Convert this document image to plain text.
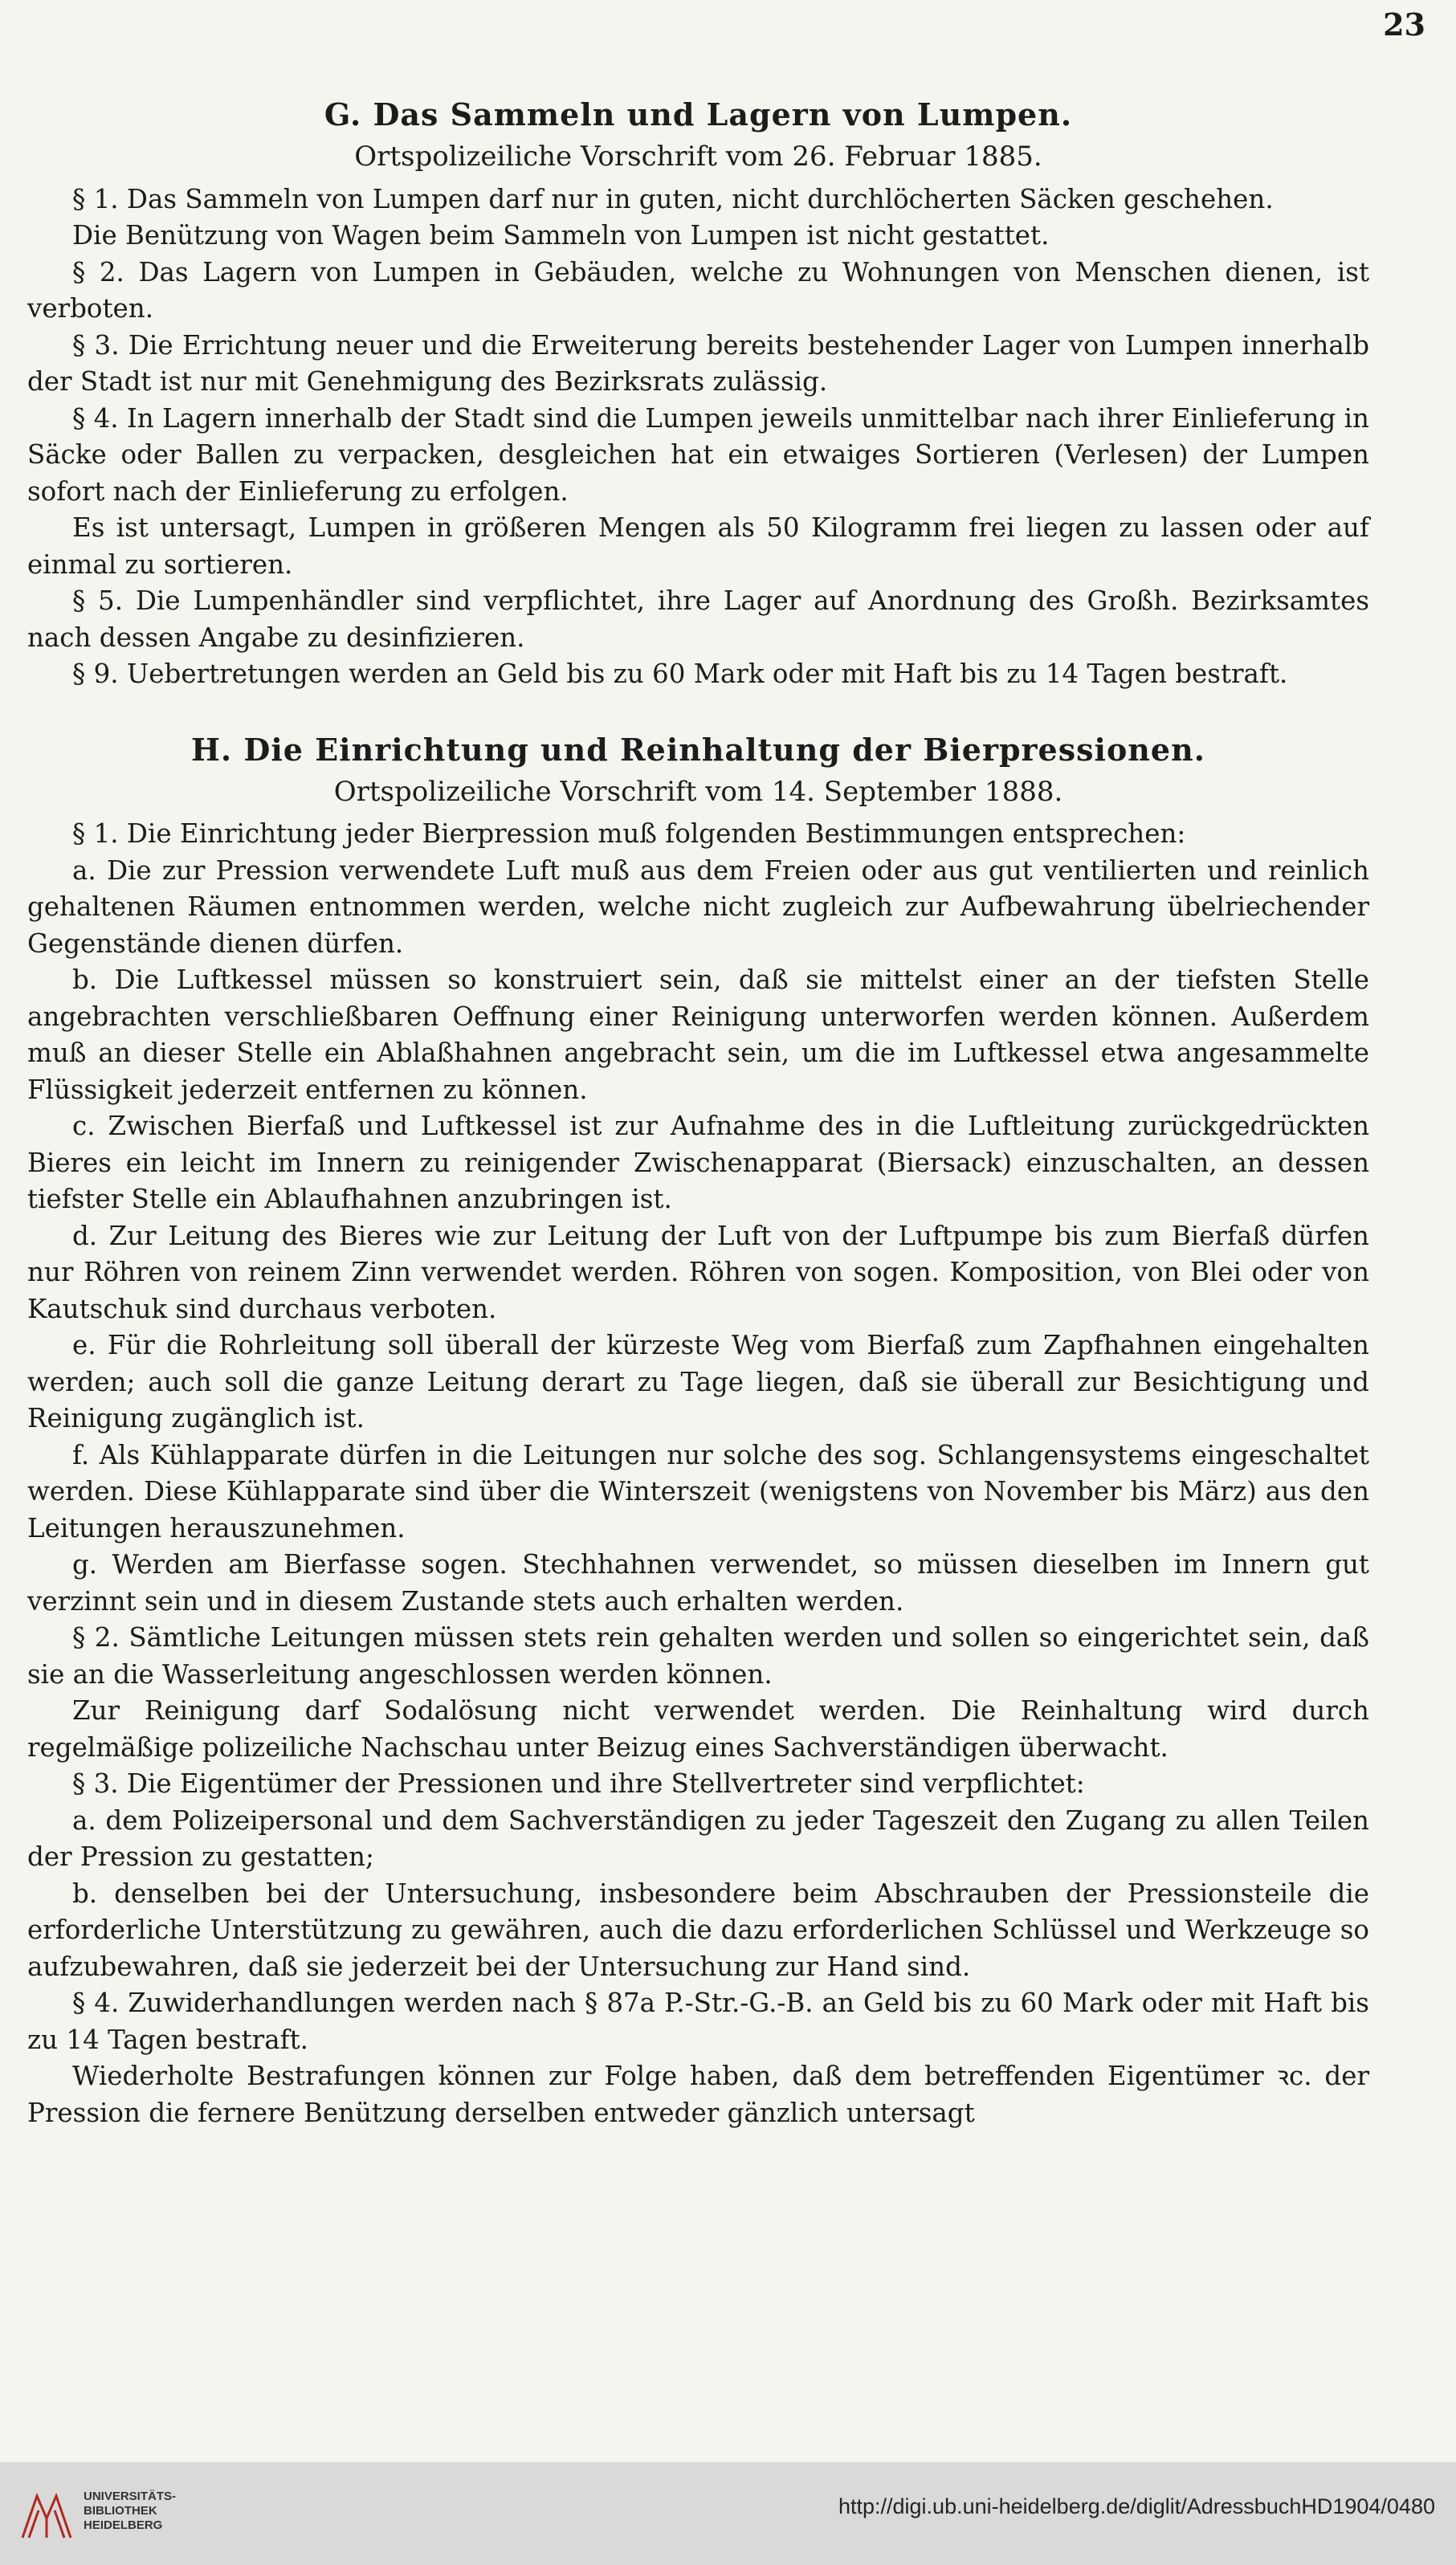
23
G. Das Sammeln und Lagern von Lumpen.
Ortspolizeiliche Vorschrift vom 26. Februar 1885.

§ 1. Das Sammeln von Lumpen darf nur in guten, nicht durchlöcherten Säcken geschehen.

Die Benützung von Wagen beim Sammeln von Lumpen ist nicht gestattet.

§ 2. Das Lagern von Lumpen in Gebäuden, welche zu Wohnungen von Menschen dienen, ist verboten.

§ 3. Die Errichtung neuer und die Erweiterung bereits bestehender Lager von Lumpen innerhalb der Stadt ist nur mit Genehmigung des Bezirksrats zulässig.

§ 4. In Lagern innerhalb der Stadt sind die Lumpen jeweils unmittelbar nach ihrer Einlieferung in Säcke oder Ballen zu verpacken, desgleichen hat ein etwaiges Sortieren (Verlesen) der Lumpen sofort nach der Einlieferung zu erfolgen.

Es ist untersagt, Lumpen in größeren Mengen als 50 Kilogramm frei liegen zu lassen oder auf einmal zu sortieren.

§ 5. Die Lumpenhändler sind verpflichtet, ihre Lager auf Anordnung des Großh. Bezirksamtes nach dessen Angabe zu desinfizieren.

§ 9. Uebertretungen werden an Geld bis zu 60 Mark oder mit Haft bis zu 14 Tagen bestraft.

H. Die Einrichtung und Reinhaltung der Bierpressionen.
Ortspolizeiliche Vorschrift vom 14. September 1888.

§ 1. Die Einrichtung jeder Bierpression muß folgenden Bestimmungen entsprechen:

a. Die zur Pression verwendete Luft muß aus dem Freien oder aus gut ventilierten und reinlich gehaltenen Räumen entnommen werden, welche nicht zugleich zur Aufbewahrung übelriechender Gegenstände dienen dürfen.

b. Die Luftkessel müssen so konstruiert sein, daß sie mittelst einer an der tiefsten Stelle angebrachten verschließbaren Oeffnung einer Reinigung unterworfen werden können. Außerdem muß an dieser Stelle ein Ablaßhahnen angebracht sein, um die im Luftkessel etwa angesammelte Flüssigkeit jederzeit entfernen zu können.

c. Zwischen Bierfaß und Luftkessel ist zur Aufnahme des in die Luftleitung zurückgedrückten Bieres ein leicht im Innern zu reinigender Zwischenapparat (Biersack) einzuschalten, an dessen tiefster Stelle ein Ablaufhahnen anzubringen ist.

d. Zur Leitung des Bieres wie zur Leitung der Luft von der Luftpumpe bis zum Bierfaß dürfen nur Röhren von reinem Zinn verwendet werden. Röhren von sogen. Komposition, von Blei oder von Kautschuk sind durchaus verboten.

e. Für die Rohrleitung soll überall der kürzeste Weg vom Bierfaß zum Zapfhahnen eingehalten werden; auch soll die ganze Leitung derart zu Tage liegen, daß sie überall zur Besichtigung und Reinigung zugänglich ist.

f. Als Kühlapparate dürfen in die Leitungen nur solche des sog. Schlangensystems eingeschaltet werden. Diese Kühlapparate sind über die Winterszeit (wenigstens von November bis März) aus den Leitungen herauszunehmen.

g. Werden am Bierfasse sogen. Stechhahnen verwendet, so müssen dieselben im Innern gut verzinnt sein und in diesem Zustande stets auch erhalten werden.

§ 2. Sämtliche Leitungen müssen stets rein gehalten werden und sollen so eingerichtet sein, daß sie an die Wasserleitung angeschlossen werden können.

Zur Reinigung darf Sodalösung nicht verwendet werden. Die Reinhaltung wird durch regelmäßige polizeiliche Nachschau unter Beizug eines Sachverständigen überwacht.

§ 3. Die Eigentümer der Pressionen und ihre Stellvertreter sind verpflichtet:

a. dem Polizeipersonal und dem Sachverständigen zu jeder Tageszeit den Zugang zu allen Teilen der Pression zu gestatten;

b. denselben bei der Untersuchung, insbesondere beim Abschrauben der Pressionsteile die erforderliche Unterstützung zu gewähren, auch die dazu erforderlichen Schlüssel und Werkzeuge so aufzubewahren, daß sie jederzeit bei der Untersuchung zur Hand sind.

§ 4. Zuwiderhandlungen werden nach § 87a P.-Str.-G.-B. an Geld bis zu 60 Mark oder mit Haft bis zu 14 Tagen bestraft.

Wiederholte Bestrafungen können zur Folge haben, daß dem betreffenden Eigentümer ꝛc. der Pression die fernere Benützung derselben entweder gänzlich untersagt

UNIVERSITÄTS-
BIBLIOTHEK
HEIDELBERG
http://digi.ub.uni-heidelberg.de/diglit/AdressbuchHD1904/0480
